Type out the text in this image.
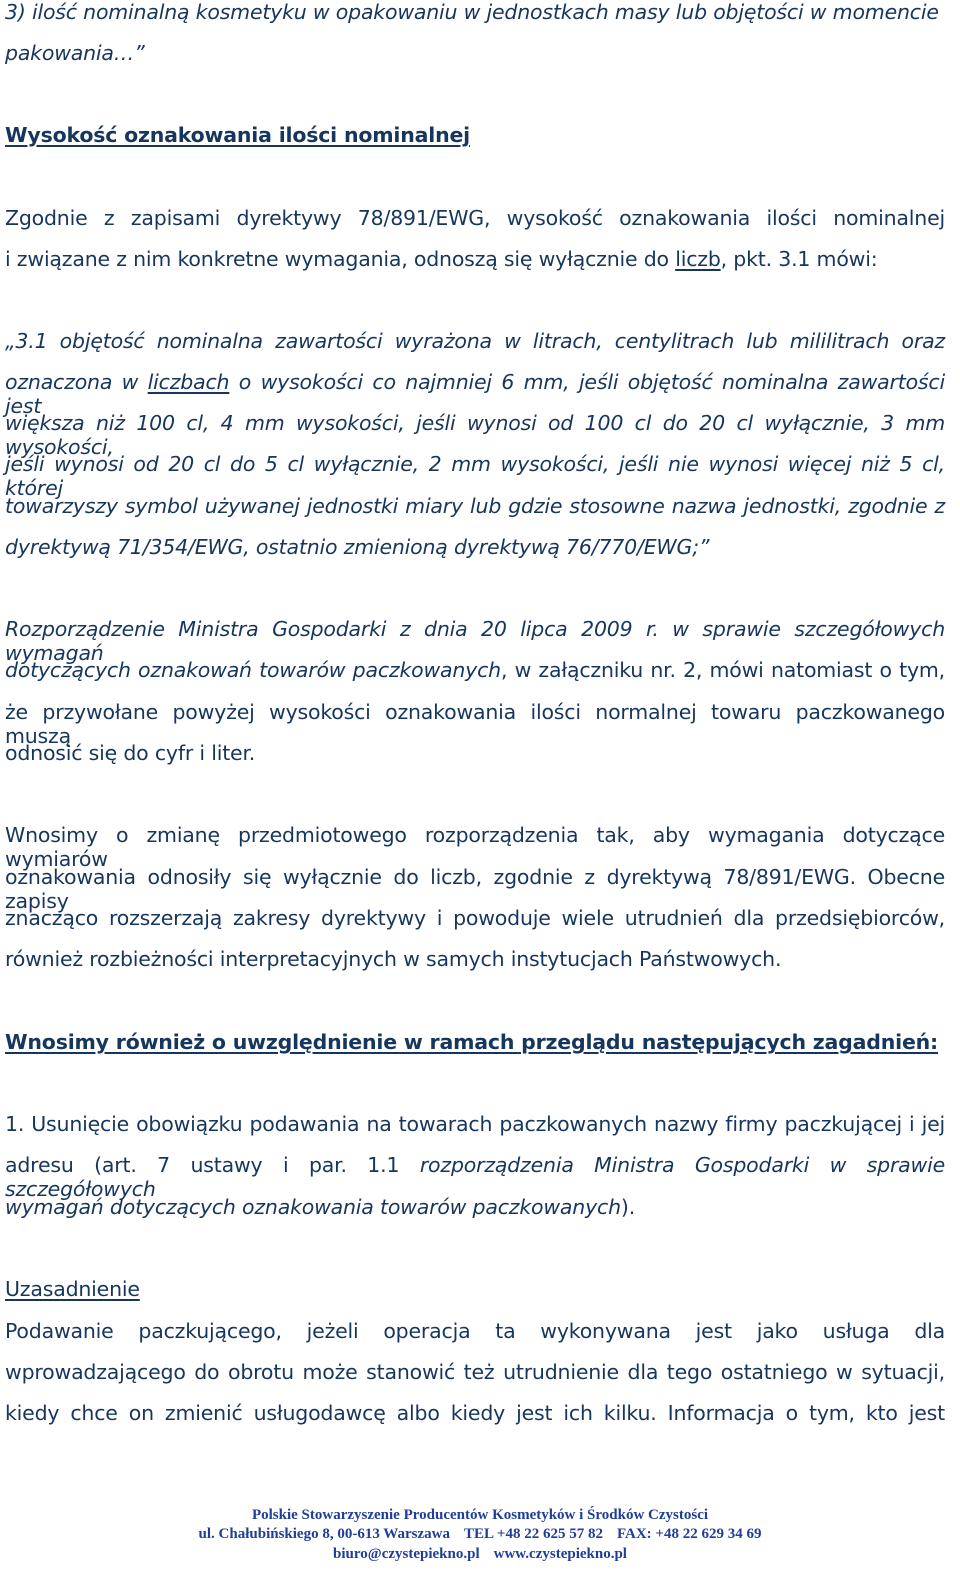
3) ilość nominalną kosmetyku w opakowaniu w jednostkach masy lub objętości w momencie
pakowania…”
Wysokość oznakowania ilości nominalnej
Zgodnie z zapisami dyrektywy 78/891/EWG, wysokość oznakowania ilości nominalnej
i związane z nim konkretne wymagania, odnoszą się wyłącznie do liczb, pkt. 3.1 mówi:
„3.1 objętość nominalna zawartości wyrażona w litrach, centylitrach lub mililitrach oraz
oznaczona w liczbach o wysokości co najmniej 6 mm, jeśli objętość nominalna zawartości jest
większa niż 100 cl, 4 mm wysokości, jeśli wynosi od 100 cl do 20 cl wyłącznie, 3 mm wysokości,
jeśli wynosi od 20 cl do 5 cl wyłącznie, 2 mm wysokości, jeśli nie wynosi więcej niż 5 cl, której
towarzyszy symbol używanej jednostki miary lub gdzie stosowne nazwa jednostki, zgodnie z
dyrektywą 71/354/EWG, ostatnio zmienioną dyrektywą 76/770/EWG;”
Rozporządzenie Ministra Gospodarki z dnia 20 lipca 2009 r. w sprawie szczegółowych wymagań
dotyczących oznakowań towarów paczkowanych, w załączniku nr. 2, mówi natomiast o tym,
że przywołane powyżej wysokości oznakowania ilości normalnej towaru paczkowanego muszą
odnosić się do cyfr i liter.
Wnosimy o zmianę przedmiotowego rozporządzenia tak, aby wymagania dotyczące wymiarów
oznakowania odnosiły się wyłącznie do liczb, zgodnie z dyrektywą 78/891/EWG. Obecne zapisy
znacząco rozszerzają zakresy dyrektywy i powoduje wiele utrudnień dla przedsiębiorców,
również rozbieżności interpretacyjnych w samych instytucjach Państwowych.
Wnosimy również o uwzględnienie w ramach przeglądu następujących zagadnień:
1. Usunięcie obowiązku podawania na towarach paczkowanych nazwy firmy paczkującej i jej
adresu (art. 7 ustawy i par. 1.1 rozporządzenia Ministra Gospodarki w sprawie szczegółowych
wymagań dotyczących oznakowania towarów paczkowanych).
Uzasadnienie
Podawanie paczkującego, jeżeli operacja ta wykonywana jest jako usługa dla
wprowadzającego do obrotu może stanowić też utrudnienie dla tego ostatniego w sytuacji,
kiedy chce on zmienić usługodawcę albo kiedy jest ich kilku. Informacja o tym, kto jest
Polskie Stowarzyszenie Producentów Kosmetyków i Środków Czystości
ul. Chałubińskiego 8, 00-613 Warszawa TEL +48 22 625 57 82 FAX: +48 22 629 34 69
biuro@czystepiekno.pl www.czystepiekno.pl
